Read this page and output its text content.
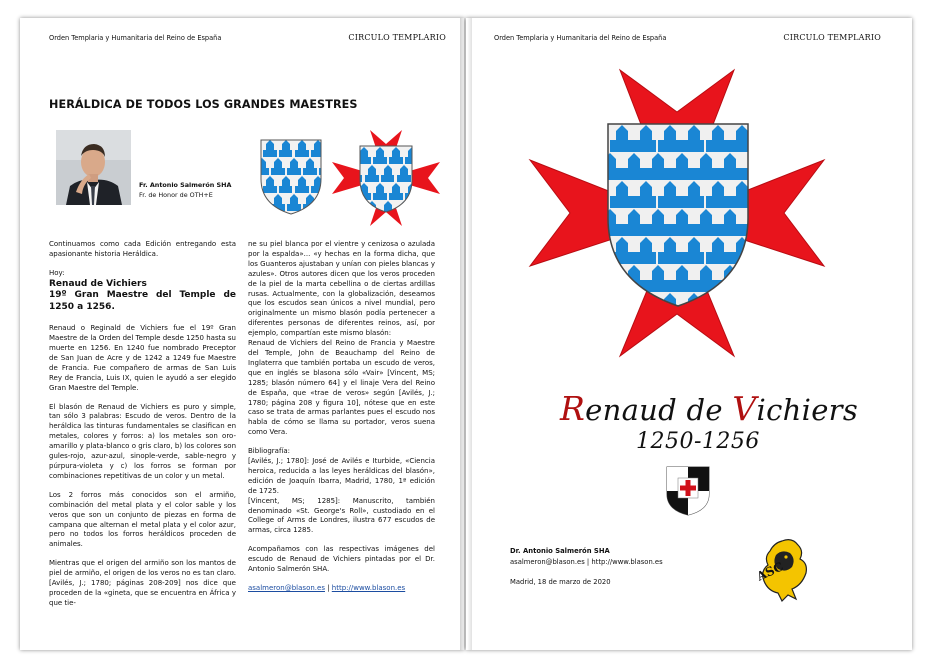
Orden Templaria y Humanitaria del Reino de España	CIRCULO TEMPLARIO
HERÁLDICA DE TODOS LOS GRANDES MAESTRES
Fr. Antonio Salmerón SHA
Fr. de Honor de OTH+E

Continuamos como cada Edición entregando esta apasionante historia Heráldica.

Hoy:
Renaud de Vichiers

19º Gran Maestre del Temple de 1250 a 1256.

Renaud o Reginald de Vichiers fue el 19º Gran Maestre de la Orden del Temple desde 1250 hasta su muerte en 1256. En 1240 fue nombrado Preceptor de San Juan de Acre y de 1242 a 1249 fue Maestre de Francia. Fue compañero de armas de San Luis Rey de Francia, Luis IX, quien le ayudó a ser elegido Gran Maestre del Temple.

El blasón de Renaud de Vichiers es puro y simple, tan sólo 3 palabras: Escudo de veros. Dentro de la heráldica las tinturas fundamentales se clasifican en metales, colores y forros: a) los metales son oro-amarillo y plata-blanco o gris claro, b) los colores son gules-rojo, azur-azul, sinople-verde, sable-negro y púrpura-violeta y c) los forros se forman por combinaciones repetitivas de un color y un metal.

Los 2 forros más conocidos son el armiño, combinación del metal plata y el color sable y los veros que son un conjunto de piezas en forma de campana que alternan el metal plata y el color azur, pero no todos los forros heráldicos proceden de animales.

Mientras que el origen del armiño son los mantos de piel de armiño, el origen de los veros no es tan claro. [Avilés, J.; 1780; páginas 208-209] nos dice que proceden de la «gineta, que se encuentra en África y que tie-

ne su piel blanca por el vientre y cenizosa o azulada por la espalda»... «y hechas en la forma dicha, que los Guanteros ajustaban y unían con pieles blancas y azules». Otros autores dicen que los veros proceden de la piel de la marta cebellina o de ciertas ardillas rusas. Actualmente, con la globalización, deseamos que los escudos sean únicos a nivel mundial, pero originalmente un mismo blasón podía pertenecer a diferentes personas de diferentes reinos, así, por ejemplo, compartían este mismo blasón:

Renaud de Vichiers del Reino de Francia y Maestre del Temple, John de Beauchamp del Reino de Inglaterra que también portaba un escudo de veros, que en inglés se blasona sólo «Vair» [Vincent, MS; 1285; blasón número 64] y el linaje Vera del Reino de España, que «trae de veros» según [Avilés, J.; 1780; página 208 y figura 10], nótese que en este caso se trata de armas parlantes pues el escudo nos habla de cómo se llama su portador, veros suena como Vera.

Bibliografía:

[Avilés, J.; 1780]: José de Avilés e Iturbide, «Ciencia heroica, reducida a las leyes heráldicas del blasón», edición de Joaquín Ibarra, Madrid, 1780, 1ª edición de 1725.

[Vincent, MS; 1285]: Manuscrito, también denominado «St. George's Roll», custodiado en el College of Arms de Londres, ilustra 677 escudos de armas, circa 1285.

Acompañamos con las respectivas imágenes del escudo de Renaud de Vichiers pintadas por el Dr. Antonio Salmerón SHA.

asalmeron@blason.es | http://www.blason.es

Orden Templaria y Humanitaria del Reino de España	CIRCULO TEMPLARIO
Renaud de Vichiers
1250-1256
Dr. Antonio Salmerón SHA
asalmeron@blason.es | http://www.blason.es
Madrid, 18 de marzo de 2020	ASC
